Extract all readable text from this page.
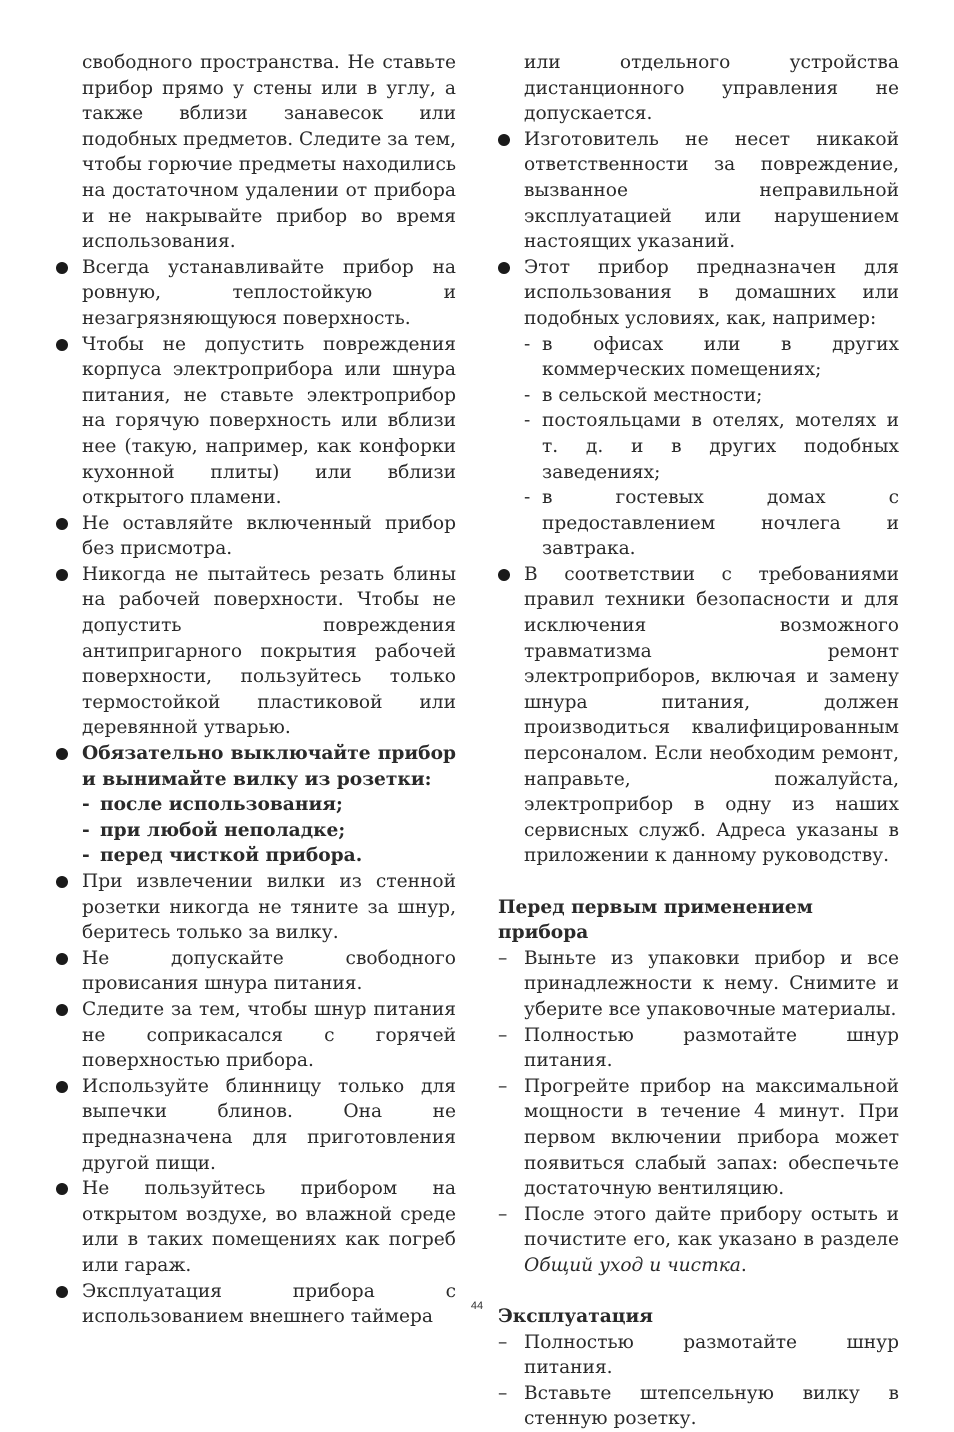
свободного пространства. Не ставьте прибор прямо у стены или в углу, а также вблизи занавесок или подобных предметов. Следите за тем, чтобы горючие предметы находились на достаточном удалении от прибора и не накрывайте прибор во время использования.
Всегда устанавливайте прибор на ровную, теплостойкую и незагрязняющуюся поверхность.
Чтобы не допустить повреждения корпуса электроприбора или шнура питания, не ставьте электроприбор на горячую поверхность или вблизи нее (такую, например, как конфорки кухонной плиты) или вблизи открытого пламени.
Не оставляйте включенный прибор без присмотра.
Никогда не пытайтесь резать блины на рабочей поверхности. Чтобы не допустить повреждения антипригарного покрытия рабочей поверхности, пользуйтесь только термостойкой пластиковой или деревянной утварью.
Обязательно выключайте прибор и вынимайте вилку из розетки:
- после использования;
- при любой неполадке;
- перед чисткой прибора.
При извлечении вилки из стенной розетки никогда не тяните за шнур, беритесь только за вилку.
Не допускайте свободного провисания шнура питания.
Следите за тем, чтобы шнур питания не соприкасался с горячей поверхностью прибора.
Используйте блинницу только для выпечки блинов. Она не предназначена для приготовления другой пищи.
Не пользуйтесь прибором на открытом воздухе, во влажной среде или в таких помещениях как погреб или гараж.
Эксплуатация прибора с использованием внешнего таймера
или отдельного устройства дистанционного управления не допускается.
Изготовитель не несет никакой ответственности за повреждение, вызванное неправильной эксплуатацией или нарушением настоящих указаний.
Этот прибор предназначен для использования в домашних или подобных условиях, как, например:
- в офисах или в других коммерческих помещениях;
- в сельской местности;
- постояльцами в отелях, мотелях и т. д. и в других подобных заведениях;
- в гостевых домах с предоставлением ночлега и завтрака.
В соответствии с требованиями правил техники безопасности и для исключения возможного травматизма ремонт электроприборов, включая и замену шнура питания, должен производиться квалифицированным персоналом. Если необходим ремонт, направьте, пожалуйста, электроприбор в одну из наших сервисных служб. Адреса указаны в приложении к данному руководству.
Перед первым применением прибора
– Выньте из упаковки прибор и все принадлежности к нему. Снимите и уберите все упаковочные материалы.
– Полностью размотайте шнур питания.
– Прогрейте прибор на максимальной мощности в течение 4 минут. При первом включении прибора может появиться слабый запах: обеспечьте достаточную вентиляцию.
– После этого дайте прибору остыть и почистите его, как указано в разделе Общий уход и чистка.
Эксплуатация
– Полностью размотайте шнур питания.
– Вставьте штепсельную вилку в стенную розетку.
44
